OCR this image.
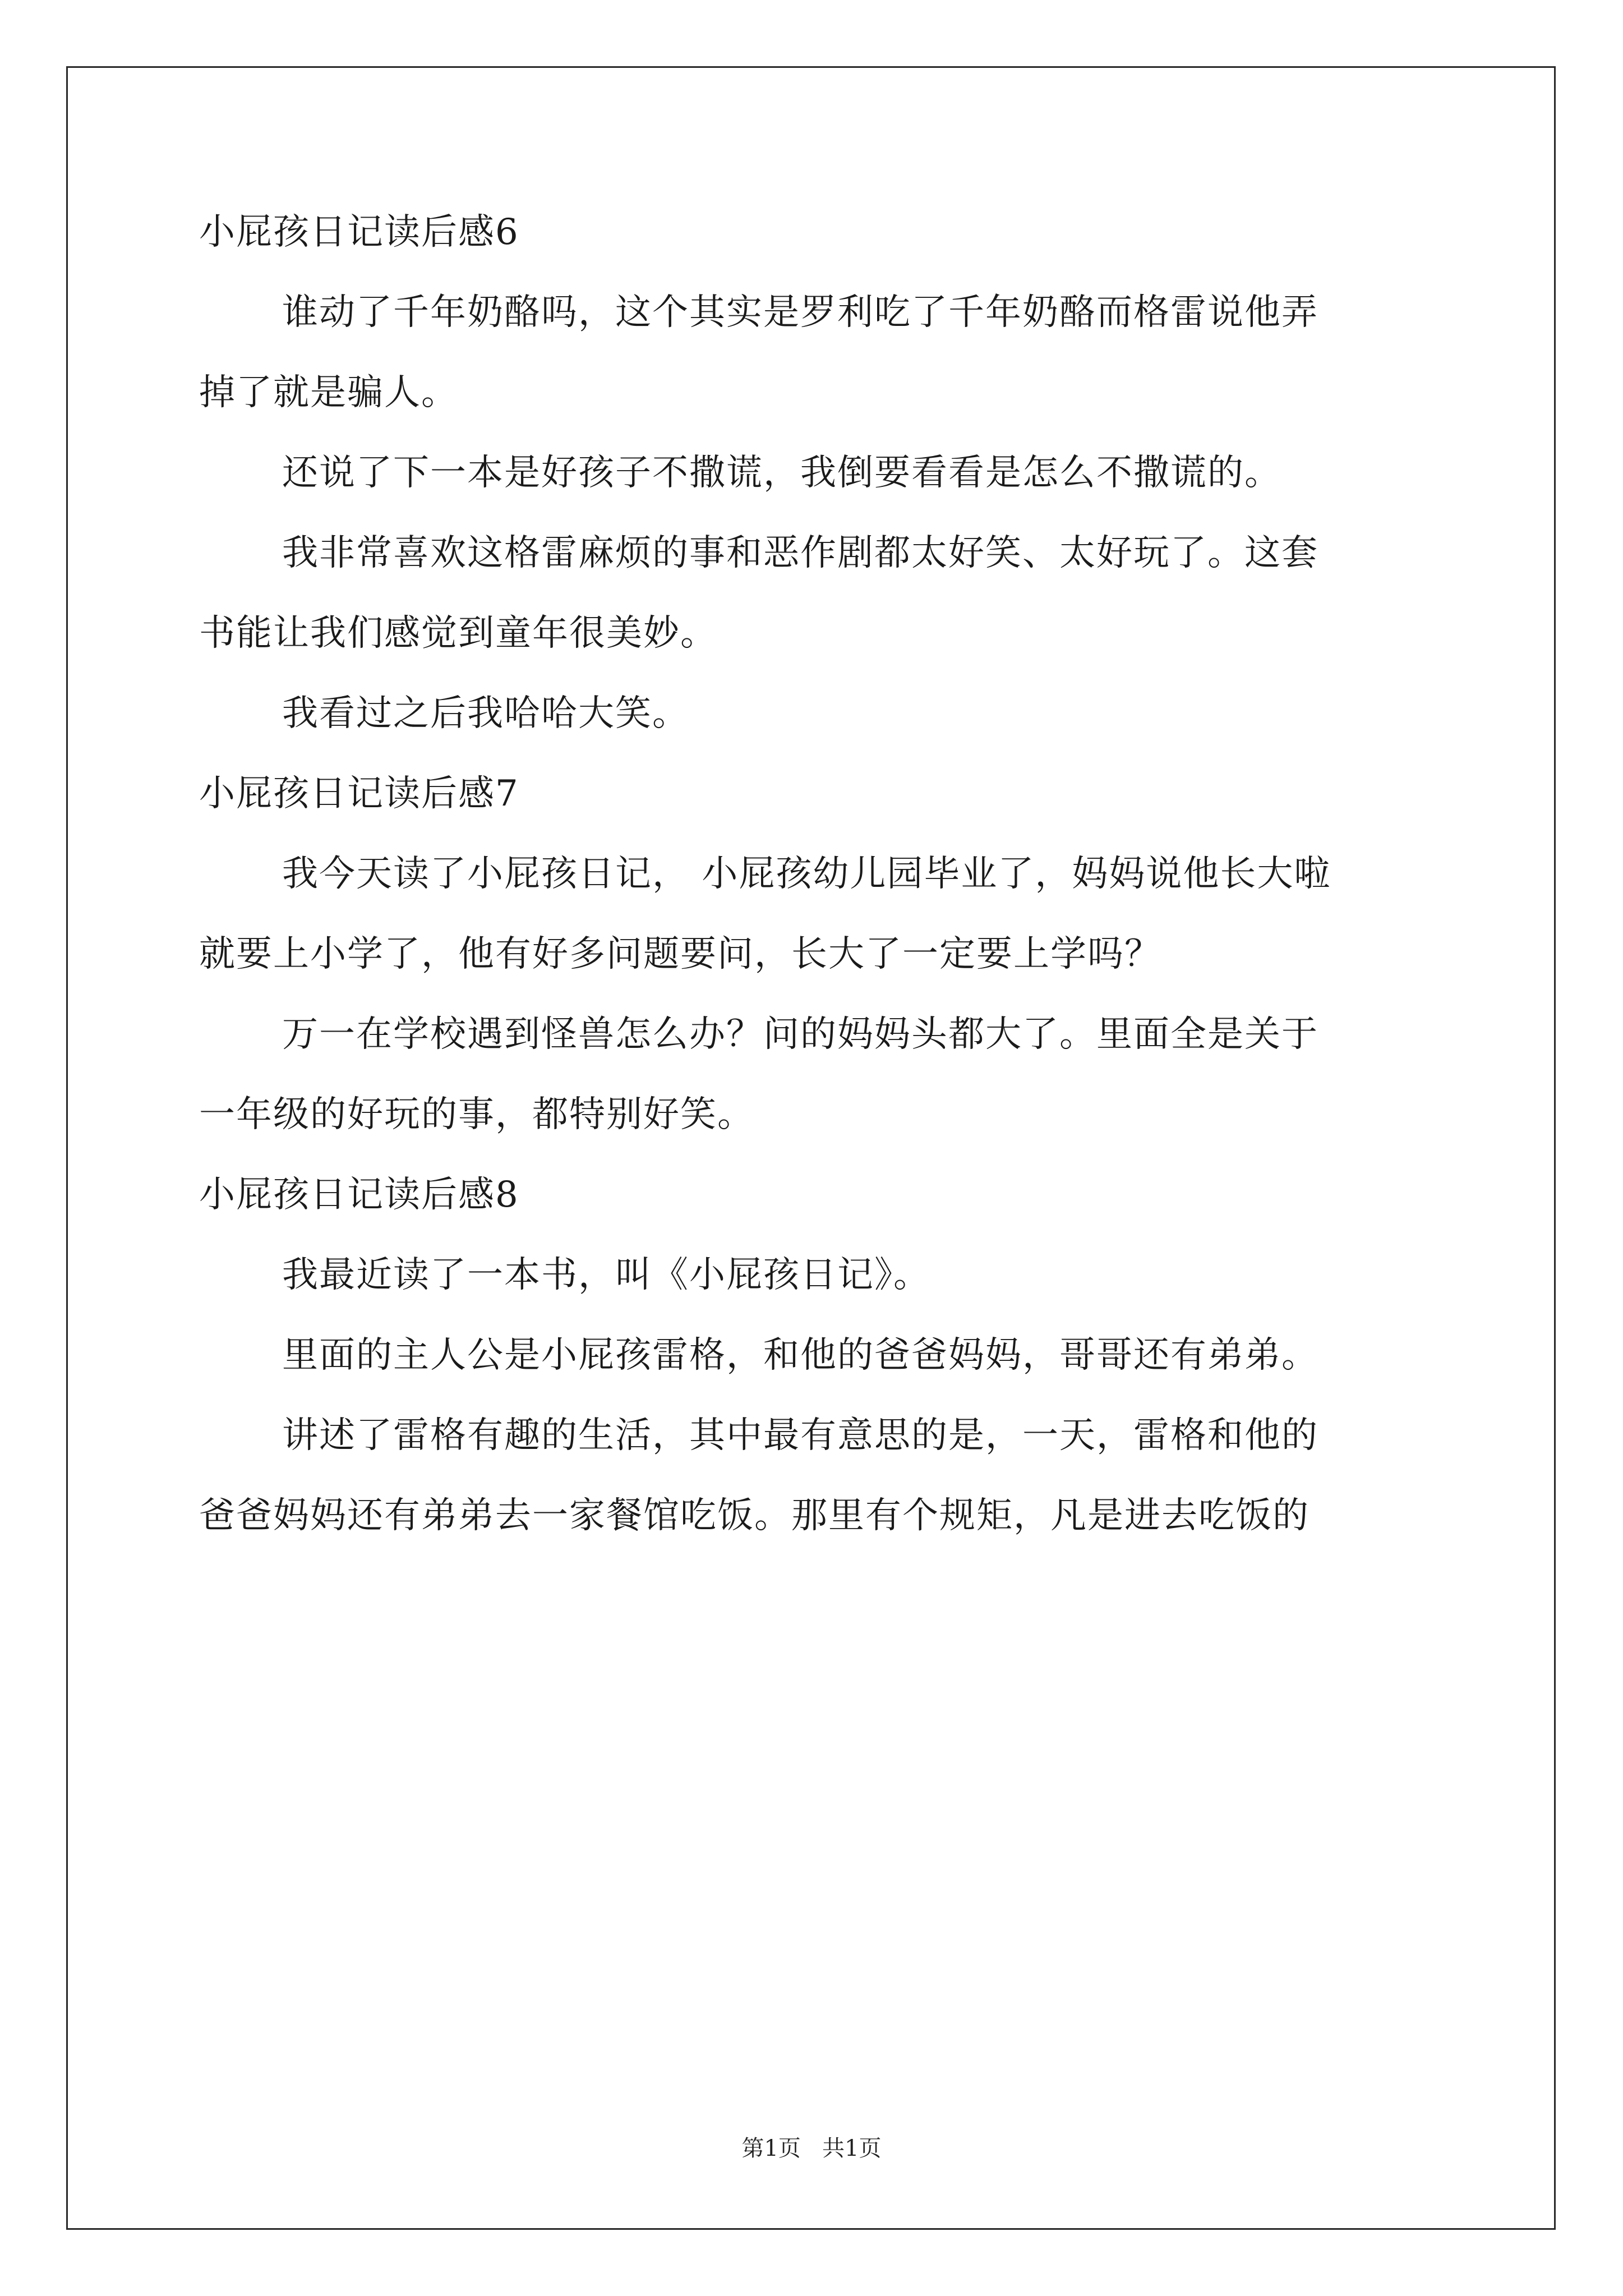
小屁孩日记读后感6
谁动了千年奶酪吗，这个其实是罗利吃了千年奶酪而格雷说他弄
掉了就是骗人。
还说了下一本是好孩子不撒谎，我倒要看看是怎么不撒谎的。
我非常喜欢这格雷麻烦的事和恶作剧都太好笑、太好玩了。这套
书能让我们感觉到童年很美妙。
我看过之后我哈哈大笑。
小屁孩日记读后感7
我今天读了小屁孩日记， 小屁孩幼儿园毕业了，妈妈说他长大啦
就要上小学了，他有好多问题要问，长大了一定要上学吗？
万一在学校遇到怪兽怎么办？问的妈妈头都大了。里面全是关于
一年级的好玩的事，都特别好笑。
小屁孩日记读后感8
我最近读了一本书，叫《小屁孩日记》。
里面的主人公是小屁孩雷格，和他的爸爸妈妈，哥哥还有弟弟。
讲述了雷格有趣的生活，其中最有意思的是，一天，雷格和他的
爸爸妈妈还有弟弟去一家餐馆吃饭。那里有个规矩，凡是进去吃饭的
第1页   共1页
